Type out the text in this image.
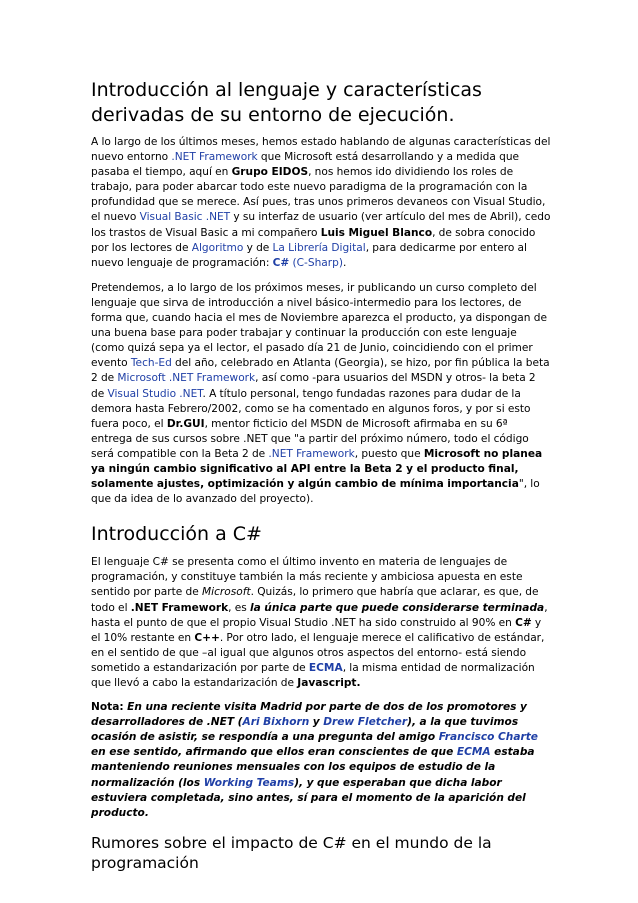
Introducción al lenguaje y características derivadas de su entorno de ejecución.

A lo largo de los últimos meses, hemos estado hablando de algunas características del nuevo entorno .NET Framework que Microsoft está desarrollando y a medida que pasaba el tiempo, aquí en Grupo EIDOS, nos hemos ido dividiendo los roles de trabajo, para poder abarcar todo este nuevo paradigma de la programación con la profundidad que se merece. Así pues, tras unos primeros devaneos con Visual Studio, el nuevo Visual Basic .NET y su interfaz de usuario (ver artículo del mes de Abril), cedo los trastos de Visual Basic a mi compañero Luis Miguel Blanco, de sobra conocido por los lectores de Algoritmo y de La Librería Digital, para dedicarme por entero al nuevo lenguaje de programación: C# (C-Sharp).

Pretendemos, a lo largo de los próximos meses, ir publicando un curso completo del lenguaje que sirva de introducción a nivel básico-intermedio para los lectores, de forma que, cuando hacia el mes de Noviembre aparezca el producto, ya dispongan de una buena base para poder trabajar y continuar la producción con este lenguaje (como quizá sepa ya el lector, el pasado día 21 de Junio, coincidiendo con el primer evento Tech-Ed del año, celebrado en Atlanta (Georgia), se hizo, por fin pública la beta 2 de Microsoft .NET Framework, así como -para usuarios del MSDN y otros- la beta 2 de Visual Studio .NET. A título personal, tengo fundadas razones para dudar de la demora hasta Febrero/2002, como se ha comentado en algunos foros, y por si esto fuera poco, el Dr.GUI, mentor ficticio del MSDN de Microsoft afirmaba en su 6ª entrega de sus cursos sobre .NET que "a partir del próximo número, todo el código será compatible con la Beta 2 de .NET Framework, puesto que Microsoft no planea ya ningún cambio significativo al API entre la Beta 2 y el producto final, solamente ajustes, optimización y algún cambio de mínima importancia", lo que da idea de lo avanzado del proyecto).

Introducción a C#

El lenguaje C# se presenta como el último invento en materia de lenguajes de programación, y constituye también la más reciente y ambiciosa apuesta en este sentido por parte de Microsoft. Quizás, lo primero que habría que aclarar, es que, de todo el .NET Framework, es la única parte que puede considerarse terminada, hasta el punto de que el propio Visual Studio .NET ha sido construido al 90% en C# y el 10% restante en C++. Por otro lado, el lenguaje merece el calificativo de estándar, en el sentido de que –al igual que algunos otros aspectos del entorno- está siendo sometido a estandarización por parte de ECMA, la misma entidad de normalización que llevó a cabo la estandarización de Javascript.

Nota: En una reciente visita Madrid por parte de dos de los promotores y desarrolladores de .NET (Ari Bixhorn y Drew Fletcher), a la que tuvimos ocasión de asistir, se respondía a una pregunta del amigo Francisco Charte en ese sentido, afirmando que ellos eran conscientes de que ECMA estaba manteniendo reuniones mensuales con los equipos de estudio de la normalización (los Working Teams), y que esperaban que dicha labor estuviera completada, sino antes, sí para el momento de la aparición del producto.

Rumores sobre el impacto de C# en el mundo de la programación
